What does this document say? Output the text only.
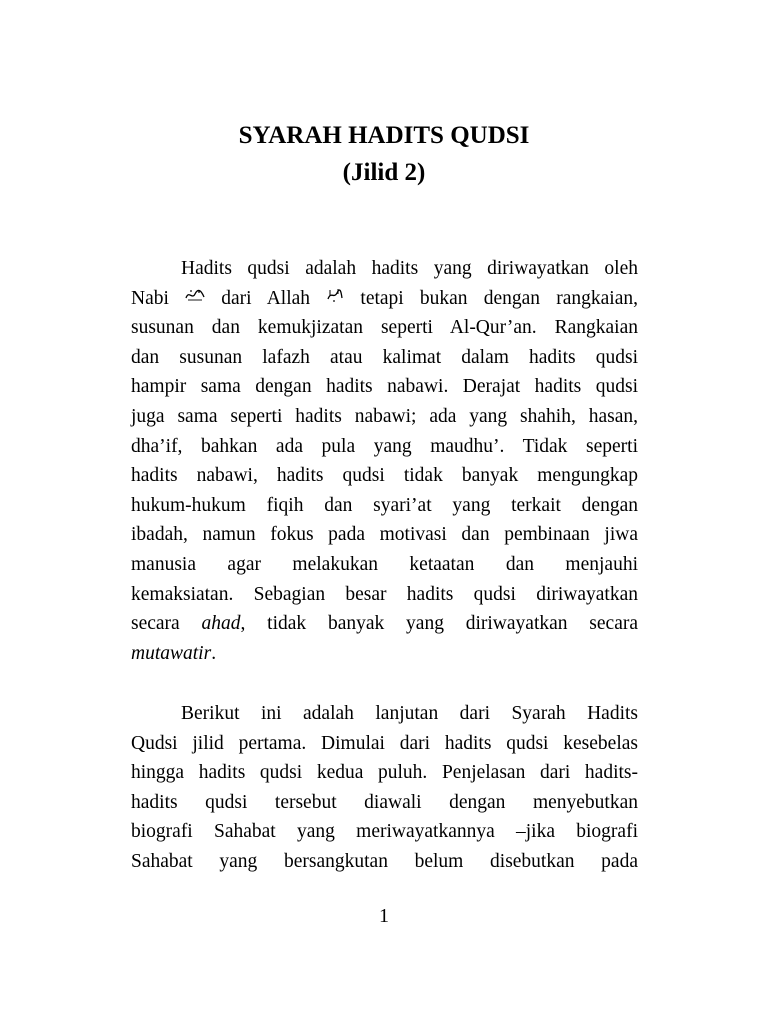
SYARAH HADITS QUDSI
(Jilid 2)
Hadits qudsi adalah hadits yang diriwayatkan oleh
Nabi
dari Allah
tetapi bukan dengan rangkaian,
susunan dan kemukjizatan seperti Al-Qur’an. Rangkaian
dan susunan lafazh atau kalimat dalam hadits qudsi
hampir sama dengan hadits nabawi. Derajat hadits qudsi
juga sama seperti hadits nabawi; ada yang shahih, hasan,
dha’if, bahkan ada pula yang maudhu’. Tidak seperti
hadits nabawi, hadits qudsi tidak banyak mengungkap
hukum-hukum fiqih dan syari’at yang terkait dengan
ibadah, namun fokus pada motivasi dan pembinaan jiwa
manusia agar melakukan ketaatan dan menjauhi
kemaksiatan. Sebagian besar hadits qudsi diriwayatkan
secara ahad, tidak banyak yang diriwayatkan secara
mutawatir.
Berikut ini adalah lanjutan dari Syarah Hadits
Qudsi jilid pertama. Dimulai dari hadits qudsi kesebelas
hingga hadits qudsi kedua puluh. Penjelasan dari hadits-
hadits qudsi tersebut diawali dengan menyebutkan
biografi Sahabat yang meriwayatkannya –jika biografi
Sahabat yang bersangkutan belum disebutkan pada
1
